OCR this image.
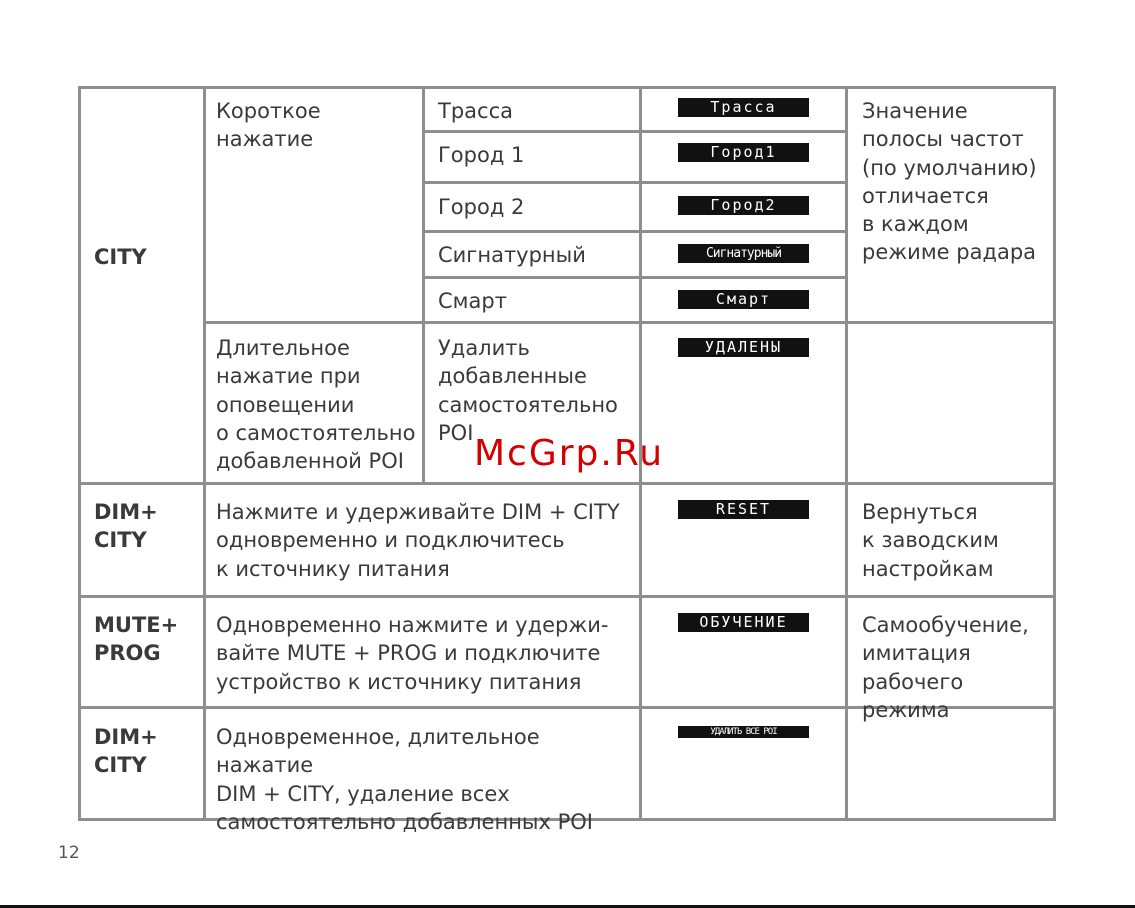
CITY
Короткое нажатие
Трасса
Город 1
Город 2
Сигнатурный
Смарт
Трасса
Город1
Город2
Сигнатурный
Смарт
Значение
полосы частот
(по умолчанию)
отличается
в каждом
режиме радара
Длительное
нажатие при
оповещении
о самостоятельно
добавленной POI
Удалить
добавленные
самостоятельно
POI
УДАЛЕНЫ
DIM+
CITY
Нажмите и удерживайте DIM + CITY
одновременно и подключитесь
к источнику питания
RESET	Вернуться
к заводским
настройкам
MUTE+
PROG
Одновременно нажмите и удержи-
вайте MUTE + PROG и подключите
устройство к источнику питания
ОБУЧЕНИЕ	Самообучение,
имитация
рабочего режима
DIM+
CITY
Одновременное, длительное нажатие
DIM + CITY, удаление всех
самостоятельно добавленных POI
УДАЛИТЬ ВСЕ POI
McGrp.Ru
12
